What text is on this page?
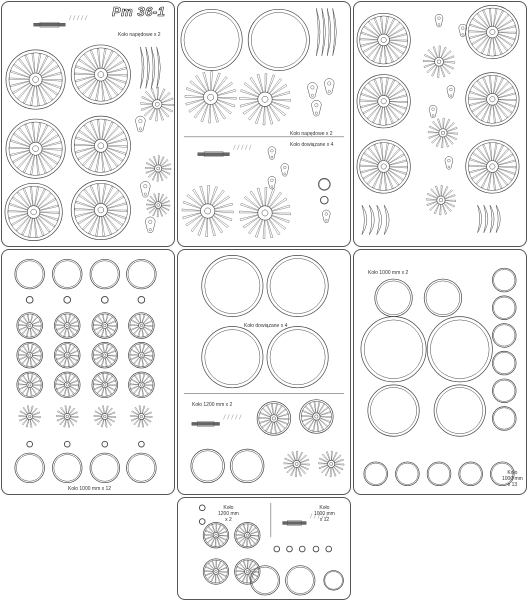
Pm 36-1
Koło napędowe x 2
Koło napędowe x 2
Koło dowiązane x 4
Koło 1000 mm x 12
Koło dowiązane x 4
Koło 1200 mm x 2
Koło 1000 mm x 2
Koło
1000 mm
x 13
Koło
1200 mm
x 2
Koło
1000 mm
x 12
